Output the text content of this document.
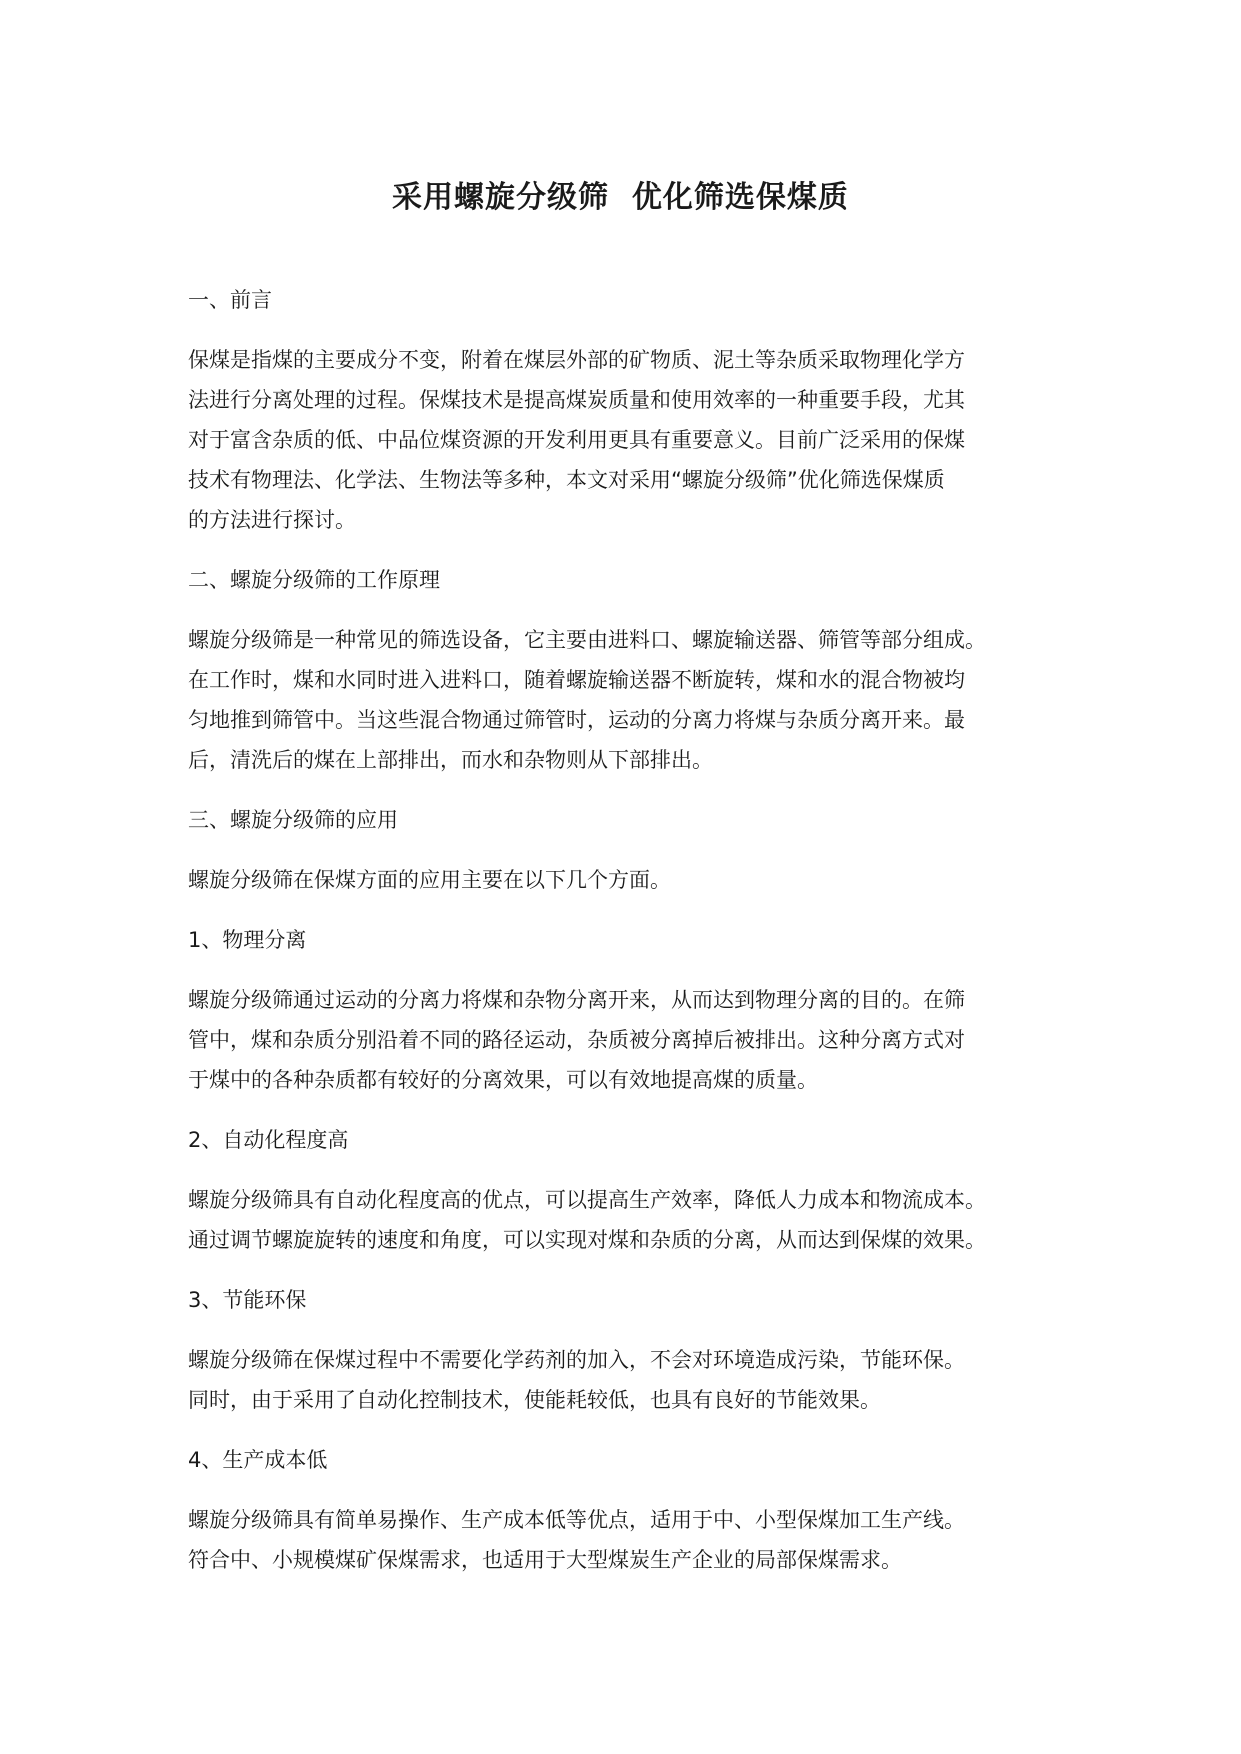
采用螺旋分级筛  优化筛选保煤质
一、前言
保煤是指煤的主要成分不变，附着在煤层外部的矿物质、泥土等杂质采取物理化学方
法进行分离处理的过程。保煤技术是提高煤炭质量和使用效率的一种重要手段，尤其
对于富含杂质的低、中品位煤资源的开发利用更具有重要意义。目前广泛采用的保煤
技术有物理法、化学法、生物法等多种，本文对采用“螺旋分级筛”优化筛选保煤质
的方法进行探讨。
二、螺旋分级筛的工作原理
螺旋分级筛是一种常见的筛选设备，它主要由进料口、螺旋输送器、筛管等部分组成。
在工作时，煤和水同时进入进料口，随着螺旋输送器不断旋转，煤和水的混合物被均
匀地推到筛管中。当这些混合物通过筛管时，运动的分离力将煤与杂质分离开来。最
后，清洗后的煤在上部排出，而水和杂物则从下部排出。
三、螺旋分级筛的应用
螺旋分级筛在保煤方面的应用主要在以下几个方面。
1、物理分离
螺旋分级筛通过运动的分离力将煤和杂物分离开来，从而达到物理分离的目的。在筛
管中，煤和杂质分别沿着不同的路径运动，杂质被分离掉后被排出。这种分离方式对
于煤中的各种杂质都有较好的分离效果，可以有效地提高煤的质量。
2、自动化程度高
螺旋分级筛具有自动化程度高的优点，可以提高生产效率，降低人力成本和物流成本。
通过调节螺旋旋转的速度和角度，可以实现对煤和杂质的分离，从而达到保煤的效果。
3、节能环保
螺旋分级筛在保煤过程中不需要化学药剂的加入，不会对环境造成污染，节能环保。
同时，由于采用了自动化控制技术，使能耗较低，也具有良好的节能效果。
4、生产成本低
螺旋分级筛具有简单易操作、生产成本低等优点，适用于中、小型保煤加工生产线。
符合中、小规模煤矿保煤需求，也适用于大型煤炭生产企业的局部保煤需求。
